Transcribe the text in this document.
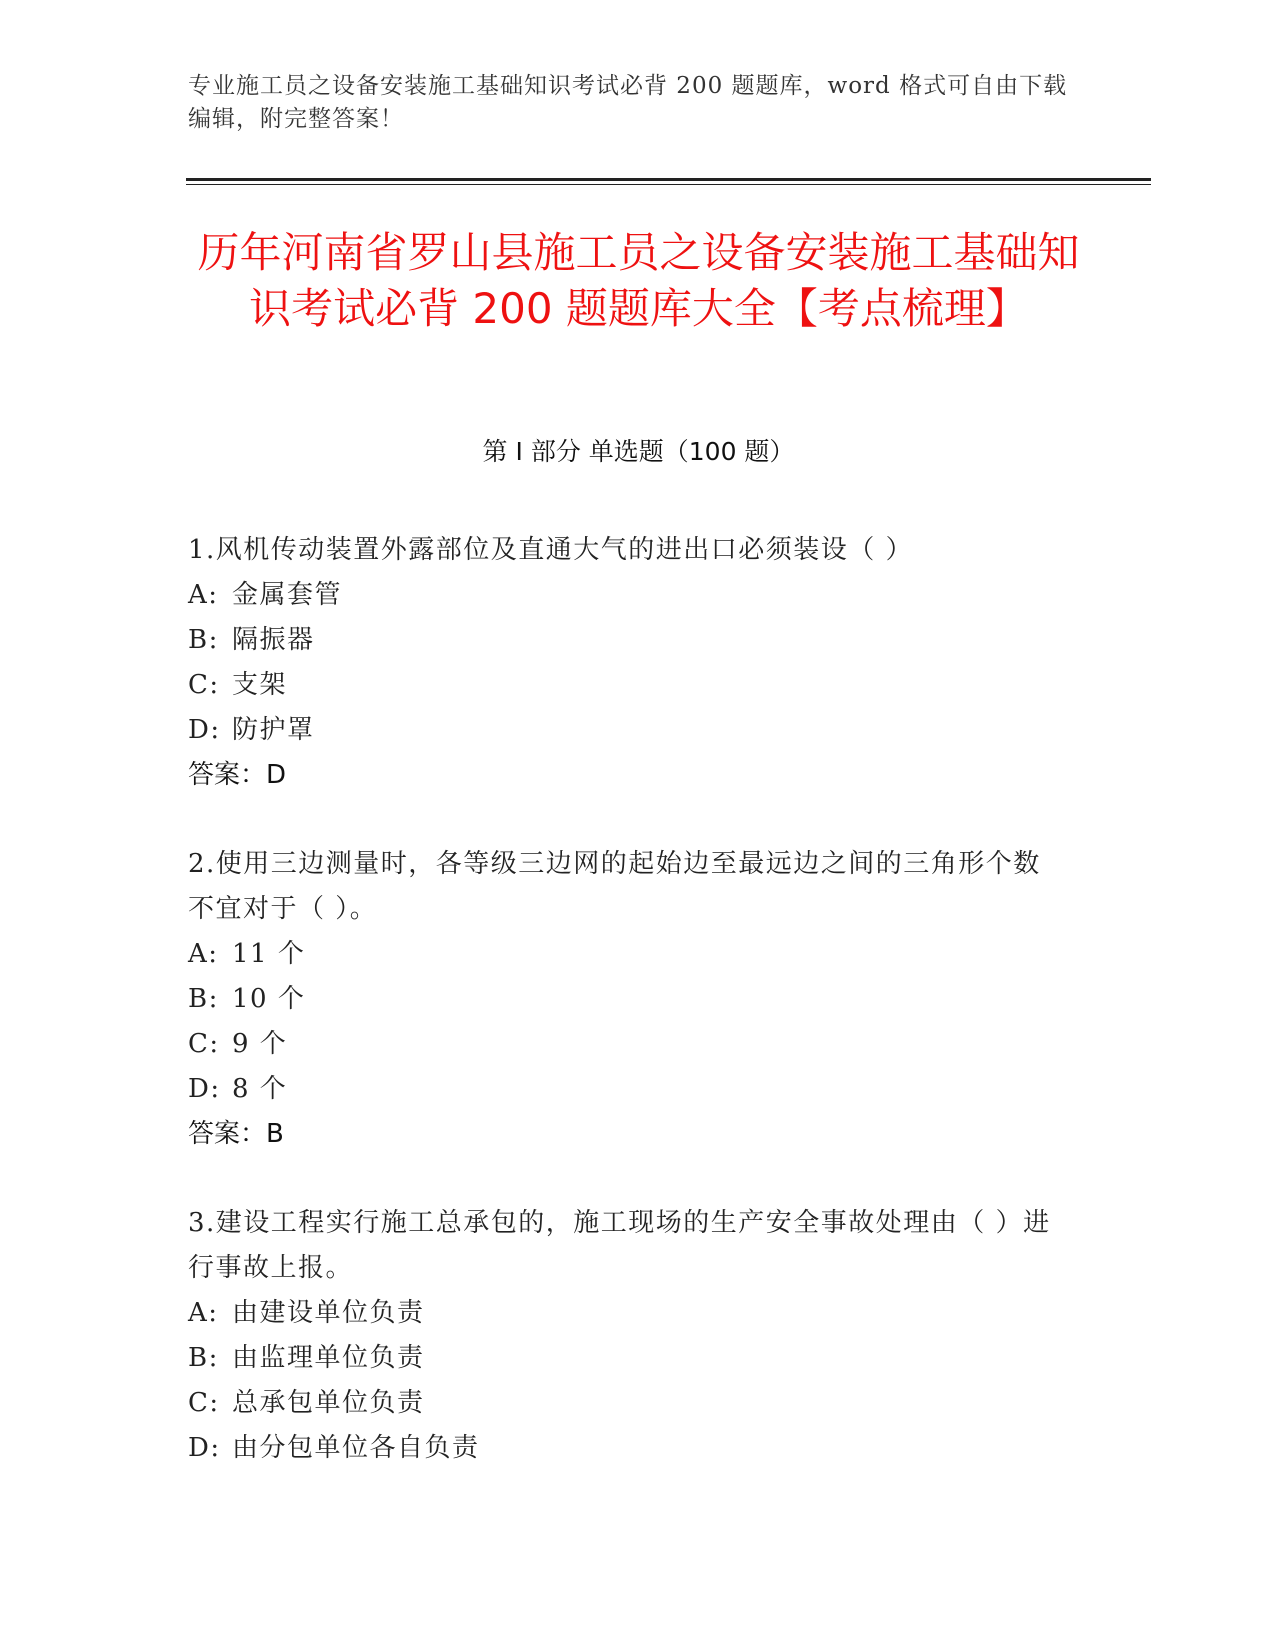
专业施工员之设备安装施工基础知识考试必背 200 题题库，word 格式可自由下载编辑，附完整答案！
历年河南省罗山县施工员之设备安装施工基础知识考试必背 200 题题库大全【考点梳理】
第 I 部分 单选题（100 题）
1.风机传动装置外露部位及直通大气的进出口必须装设（ ）
A: 金属套管
B: 隔振器
C: 支架
D: 防护罩
答案：D
2.使用三边测量时，各等级三边网的起始边至最远边之间的三角形个数不宜对于（ ）。
A: 11 个
B: 10 个
C: 9 个
D: 8 个
答案：B
3.建设工程实行施工总承包的，施工现场的生产安全事故处理由（ ）进行事故上报。
A: 由建设单位负责
B: 由监理单位负责
C: 总承包单位负责
D: 由分包单位各自负责
